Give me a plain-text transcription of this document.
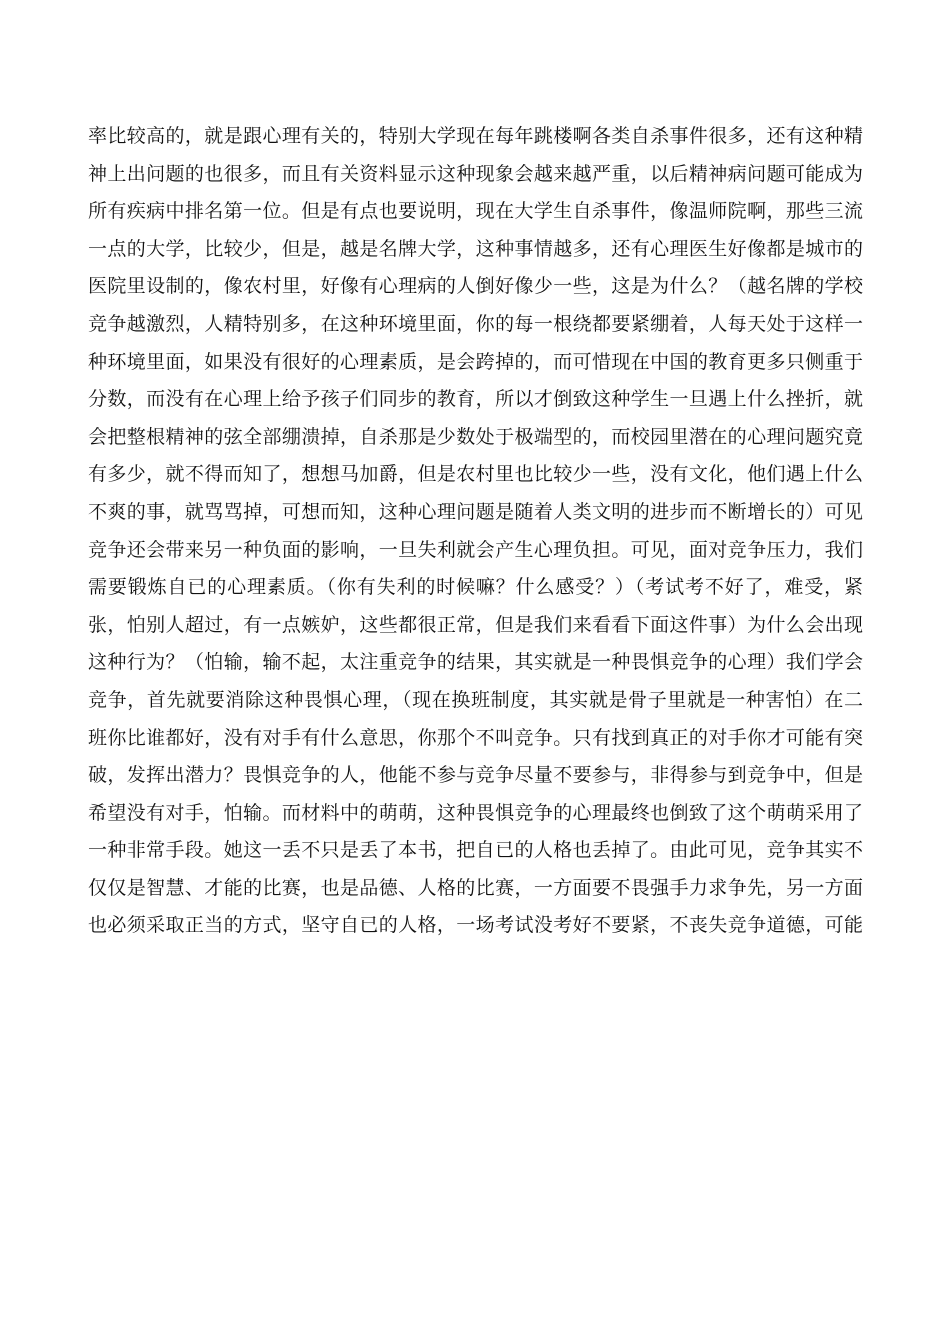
率比较高的，就是跟心理有关的，特别大学现在每年跳楼啊各类自杀事件很多，还有这种精
神上出问题的也很多，而且有关资料显示这种现象会越来越严重，以后精神病问题可能成为
所有疾病中排名第一位。但是有点也要说明，现在大学生自杀事件，像温师院啊，那些三流
一点的大学，比较少，但是，越是名牌大学，这种事情越多，还有心理医生好像都是城市的
医院里设制的，像农村里，好像有心理病的人倒好像少一些，这是为什么？（越名牌的学校
竞争越激烈，人精特别多，在这种环境里面，你的每一根绕都要紧绷着，人每天处于这样一
种环境里面，如果没有很好的心理素质，是会跨掉的，而可惜现在中国的教育更多只侧重于
分数，而没有在心理上给予孩子们同步的教育，所以才倒致这种学生一旦遇上什么挫折，就
会把整根精神的弦全部绷溃掉，自杀那是少数处于极端型的，而校园里潜在的心理问题究竟
有多少，就不得而知了，想想马加爵，但是农村里也比较少一些，没有文化，他们遇上什么
不爽的事，就骂骂掉，可想而知，这种心理问题是随着人类文明的进步而不断增长的）可见
竞争还会带来另一种负面的影响，一旦失利就会产生心理负担。可见，面对竞争压力，我们
需要锻炼自已的心理素质。（你有失利的时候嘛？什么感受？）（考试考不好了，难受，紧
张，怕别人超过，有一点嫉妒，这些都很正常，但是我们来看看下面这件事）为什么会出现
这种行为？（怕输，输不起，太注重竞争的结果，其实就是一种畏惧竞争的心理）我们学会
竞争，首先就要消除这种畏惧心理，（现在换班制度，其实就是骨子里就是一种害怕）在二
班你比谁都好，没有对手有什么意思，你那个不叫竞争。只有找到真正的对手你才可能有突
破，发挥出潜力？畏惧竞争的人，他能不参与竞争尽量不要参与，非得参与到竞争中，但是
希望没有对手，怕输。而材料中的萌萌，这种畏惧竞争的心理最终也倒致了这个萌萌采用了
一种非常手段。她这一丢不只是丢了本书，把自已的人格也丢掉了。由此可见，竞争其实不
仅仅是智慧、才能的比赛，也是品德、人格的比赛，一方面要不畏强手力求争先，另一方面
也必须采取正当的方式，坚守自已的人格，一场考试没考好不要紧，不丧失竞争道德，可能
